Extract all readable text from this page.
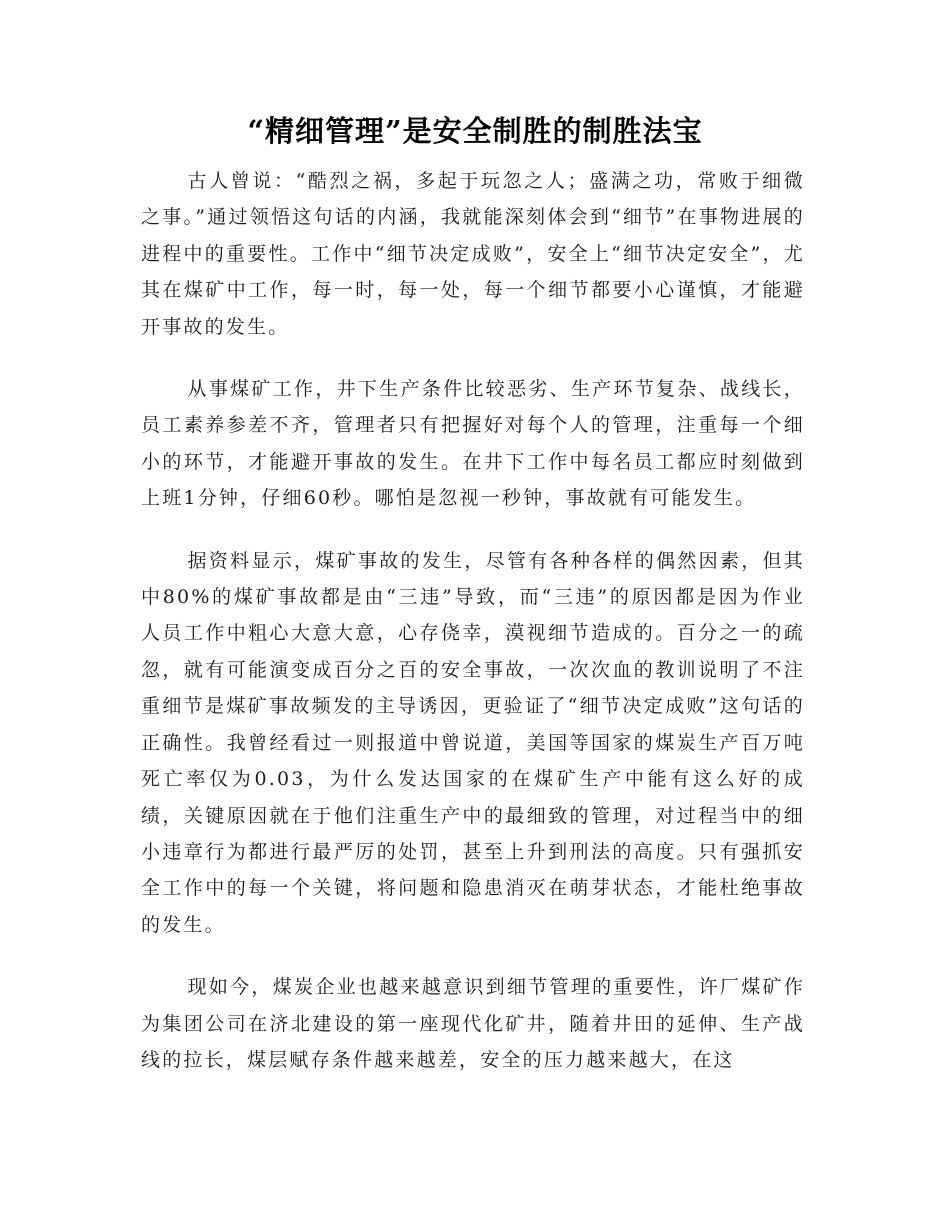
“精细管理”是安全制胜的制胜法宝

古人曾说：“酷烈之祸，多起于玩忽之人；盛满之功，常败于细微之事。”通过领悟这句话的内涵，我就能深刻体会到“细节”在事物进展的进程中的重要性。工作中“细节决定成败”，安全上“细节决定安全”，尤其在煤矿中工作，每一时，每一处，每一个细节都要小心谨慎，才能避开事故的发生。

从事煤矿工作，井下生产条件比较恶劣、生产环节复杂、战线长，员工素养参差不齐，管理者只有把握好对每个人的管理，注重每一个细小的环节，才能避开事故的发生。在井下工作中每名员工都应时刻做到上班1分钟，仔细60秒。哪怕是忽视一秒钟，事故就有可能发生。

据资料显示，煤矿事故的发生，尽管有各种各样的偶然因素，但其中80%的煤矿事故都是由“三违”导致，而“三违”的原因都是因为作业人员工作中粗心大意大意，心存侥幸，漠视细节造成的。百分之一的疏忽，就有可能演变成百分之百的安全事故，一次次血的教训说明了不注重细节是煤矿事故频发的主导诱因，更验证了“细节决定成败”这句话的正确性。我曾经看过一则报道中曾说道，美国等国家的煤炭生产百万吨死亡率仅为0.03，为什么发达国家的在煤矿生产中能有这么好的成绩，关键原因就在于他们注重生产中的最细致的管理，对过程当中的细小违章行为都进行最严厉的处罚，甚至上升到刑法的高度。只有强抓安全工作中的每一个关键，将问题和隐患消灭在萌芽状态，才能杜绝事故的发生。

现如今，煤炭企业也越来越意识到细节管理的重要性，许厂煤矿作为集团公司在济北建设的第一座现代化矿井，随着井田的延伸、生产战线的拉长，煤层赋存条件越来越差，安全的压力越来越大，在这
